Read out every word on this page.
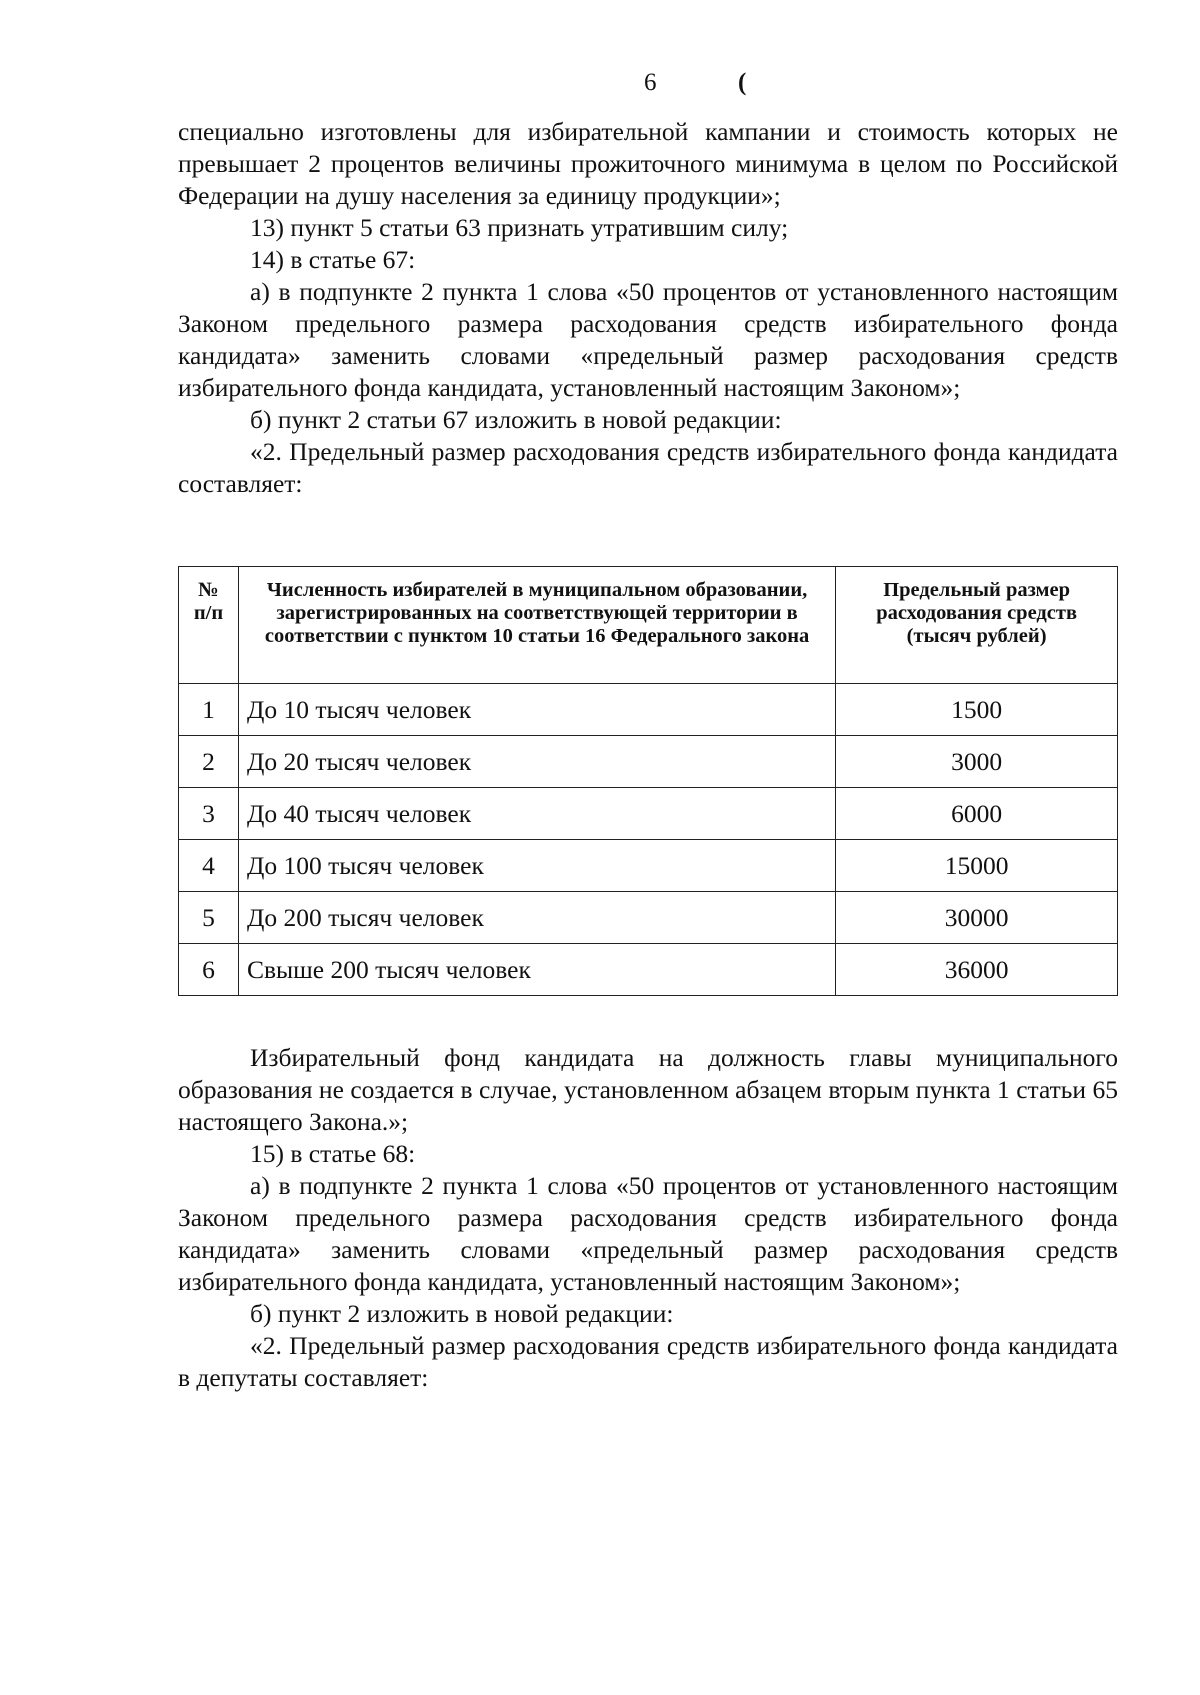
6	(

специально изготовлены для избирательной кампании и стоимость которых не превышает 2 процентов величины прожиточного минимума в целом по Российской Федерации на душу населения за единицу продукции»;

13) пункт 5 статьи 63 признать утратившим силу;

14) в статье 67:

а) в подпункте 2 пункта 1 слова «50 процентов от установленного настоящим Законом предельного размера расходования средств избирательного фонда кандидата» заменить словами «предельный размер расходования средств избирательного фонда кандидата, установленный настоящим Законом»;

б) пункт 2 статьи 67 изложить в новой редакции:

«2. Предельный размер расходования средств избирательного фонда кандидата составляет:

№ п/п	Численность избирателей в муниципальном образовании, зарегистрированных на соответствующей территории в соответствии с пунктом 10 статьи 16 Федерального закона	Предельный размер расходования средств (тысяч рублей)
1	До 10 тысяч человек	1500
2	До 20 тысяч человек	3000
3	До 40 тысяч человек	6000
4	До 100 тысяч человек	15000
5	До 200 тысяч человек	30000
6	Свыше 200 тысяч человек	36000

Избирательный фонд кандидата на должность главы муниципального образования не создается в случае, установленном абзацем вторым пункта 1 статьи 65 настоящего Закона.»;

15) в статье 68:

а) в подпункте 2 пункта 1 слова «50 процентов от установленного настоящим Законом предельного размера расходования средств избирательного фонда кандидата» заменить словами «предельный размер расходования средств избирательного фонда кандидата, установленный настоящим Законом»;

б) пункт 2 изложить в новой редакции:

«2. Предельный размер расходования средств избирательного фонда кандидата в депутаты составляет:
